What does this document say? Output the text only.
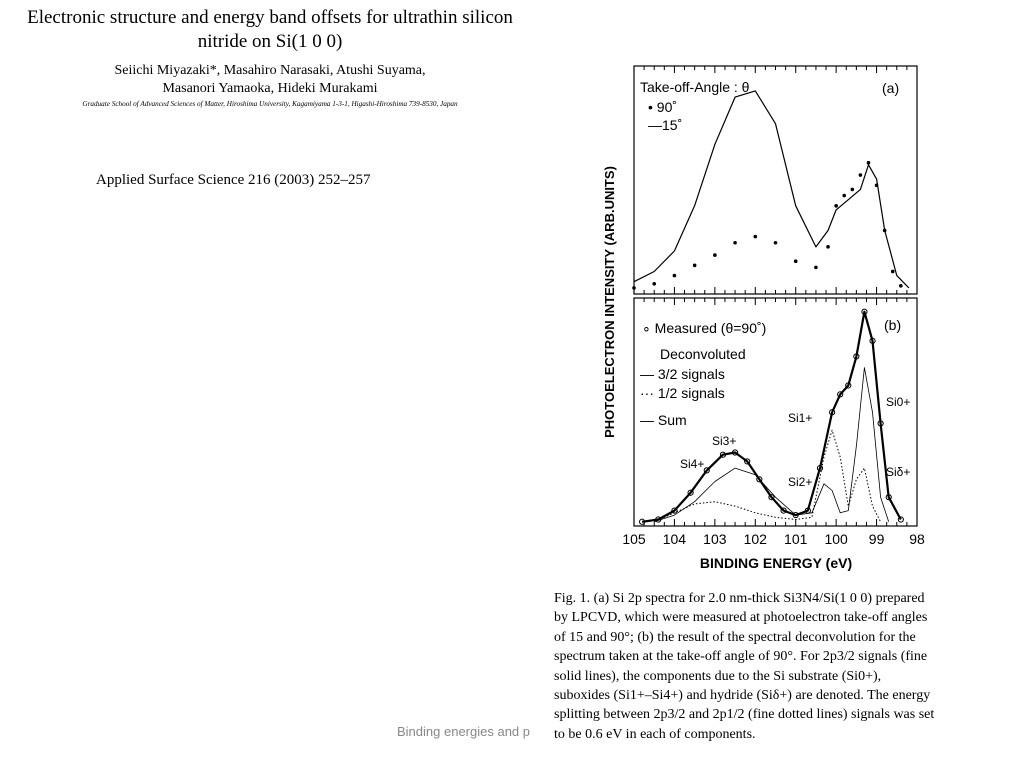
Electronic structure and energy band offsets for ultrathin silicon nitride on Si(1 0 0)
Seiichi Miyazaki*, Masahiro Narasaki, Atushi Suyama,
Masanori Yamaoka, Hideki Murakami
Graduate School of Advanced Sciences of Matter, Hiroshima University, Kagamiyama 1-3-1, Higashi-Hiroshima 739-8530, Japan
Applied Surface Science 216 (2003) 252–257	PHOTOELECTRON INTENSITY (ARB.UNITS)
105 104 103 102 101 100 99 98
BINDING ENERGY (eV)
Take-off-Angle : θ
• 90˚
—15˚
(a)
∘ Measured (θ=90˚)
Deconvoluted
— 3/2 signals
··· 1/2 signals
— Sum
(b)
Si0+
Si1+
Si2+
Si3+
Si4+
Siδ+

Fig. 1. (a) Si 2p spectra for 2.0 nm-thick Si3N4/Si(1 0 0) prepared

by LPCVD, which were measured at photoelectron take-off angles

of 15 and 90°; (b) the result of the spectral deconvolution for the

spectrum taken at the take-off angle of 90°. For 2p3/2 signals (fine

solid lines), the components due to the Si substrate (Si0+),

suboxides (Si1+–Si4+) and hydride (Siδ+) are denoted. The energy

splitting between 2p3/2 and 2p1/2 (fine dotted lines) signals was set

to be 0.6 eV in each of components.

Binding energies and p
